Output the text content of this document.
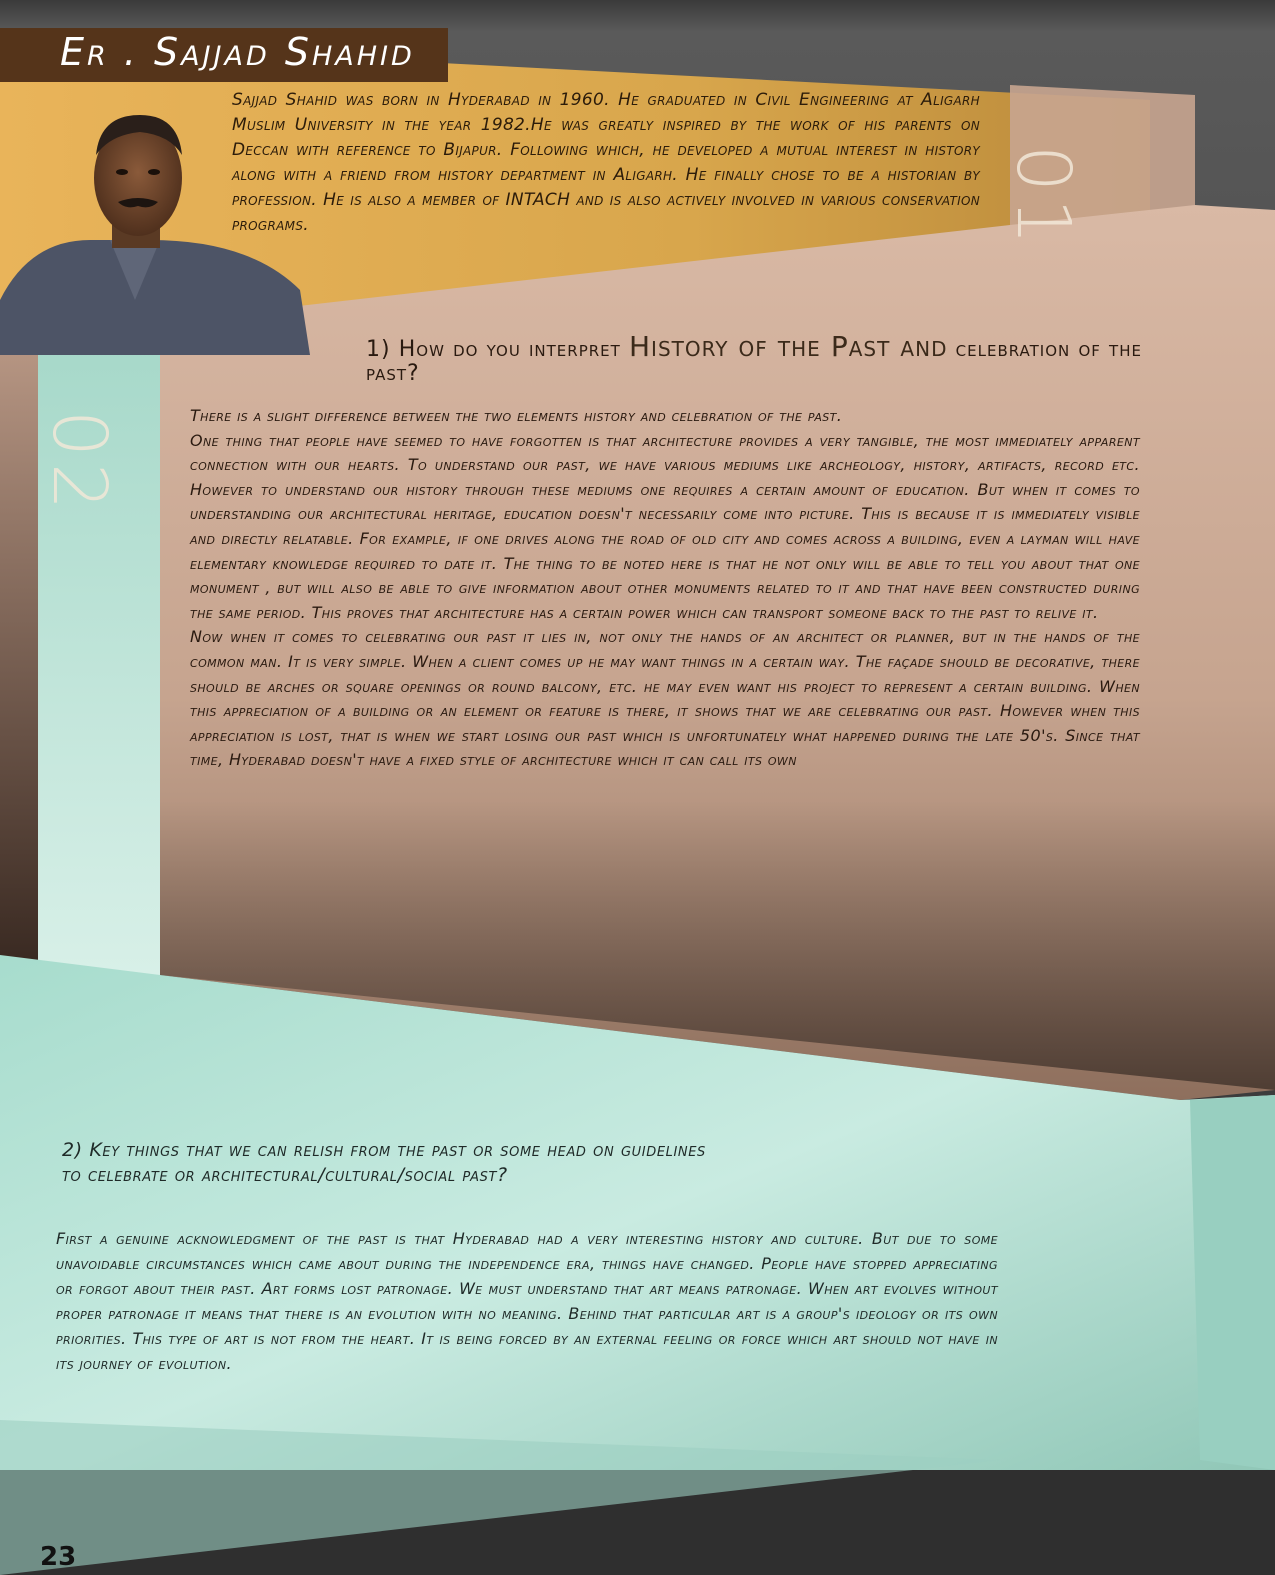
Er . Sajjad Shahid
Sajjad Shahid was born in Hyderabad in 1960. He graduated in Civil Engineering at Aligarh Muslim University in the year 1982.He was greatly inspired by the work of his parents on Deccan with reference to Bijapur. Following which, he developed a mutual interest in history along with a friend from history department in Aligarh. He finally chose to be a historian by profession. He is also a member of INTACH and is also actively involved in various conservation programs.	01
02
1) How do you interpret History of the Past and celebration of the past?
There is a slight difference between the two elements history and celebration of the past.
One thing that people have seemed to have forgotten is that architecture provides a very tangible, the most immediately apparent connection with our hearts. To understand our past, we have various mediums like archeology, history, artifacts, record etc. However to understand our history through these mediums one requires a certain amount of education. But when it comes to understanding our architectural heritage, education doesn't necessarily come into picture. This is because it is immediately visible and directly relatable. For example, if one drives along the road of old city and comes across a building, even a layman will have elementary knowledge required to date it. The thing to be noted here is that he not only will be able to tell you about that one monument , but will also be able to give information about other monuments related to it and that have been constructed during the same period. This proves that architecture has a certain power which can transport someone back to the past to relive it.
Now when it comes to celebrating our past it lies in, not only the hands of an architect or planner, but in the hands of the common man. It is very simple. When a client comes up he may want things in a certain way. The façade should be decorative, there should be arches or square openings or round balcony, etc. he may even want his project to represent a certain building. When this appreciation of a building or an element or feature is there, it shows that we are celebrating our past. However when this appreciation is lost, that is when we start losing our past which is unfortunately what happened during the late 50's. Since that time, Hyderabad doesn't have a fixed style of architecture which it can call its own
2) Key things that we can relish from the past or some head on guidelines
to celebrate or architectural/cultural/social past?
First a genuine acknowledgment of the past is that Hyderabad had a very interesting history and culture. But due to some unavoidable circumstances which came about during the independence era, things have changed. People have stopped appreciating or forgot about their past. Art forms lost patronage. We must understand that art means patronage. When art evolves without proper patronage it means that there is an evolution with no meaning. Behind that particular art is a group's ideology or its own priorities. This type of art is not from the heart. It is being forced by an external feeling or force which art should not have in its journey of evolution.
23
